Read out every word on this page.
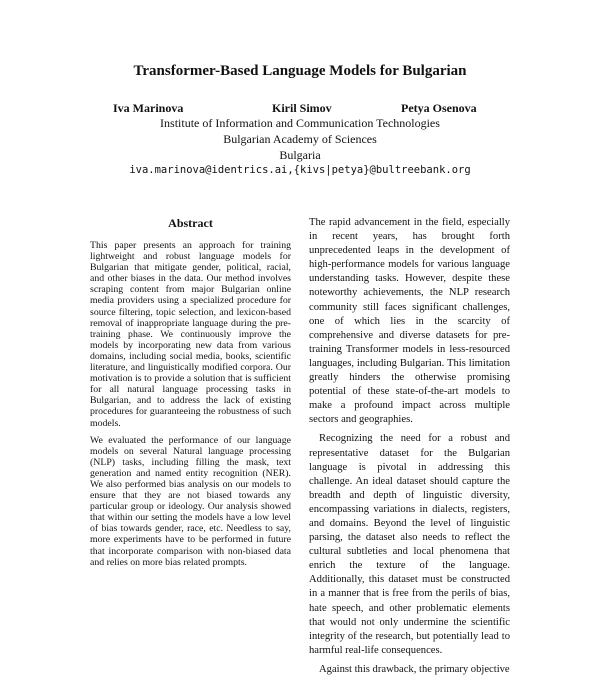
Transformer-Based Language Models for Bulgarian
Iva Marinova	Kiril Simov	Petya Osenova
Institute of Information and Communication Technologies
Bulgarian Academy of Sciences
Bulgaria
iva.marinova@identrics.ai,{kivs|petya}@bultreebank.org
Abstract

This paper presents an approach for training lightweight and robust language models for Bulgarian that mitigate gender, political, racial, and other biases in the data. Our method involves scraping content from major Bulgarian online media providers using a specialized procedure for source filtering, topic selection, and lexicon-based removal of inappropriate language during the pre-training phase. We continuously improve the models by incorporating new data from various domains, including social media, books, scientific literature, and linguistically modified corpora. Our motivation is to provide a solution that is sufficient for all natural language processing tasks in Bulgarian, and to address the lack of existing procedures for guaranteeing the robustness of such models.

We evaluated the performance of our language models on several Natural language processing (NLP) tasks, including filling the mask, text generation and named entity recognition (NER). We also performed bias analysis on our models to ensure that they are not biased towards any particular group or ideology. Our analysis showed that within our setting the models have a low level of bias towards gender, race, etc. Needless to say, more experiments have to be performed in future that incorporate comparison with non-biased data and relies on more bias related prompts.

The rapid advancement in the field, especially in recent years, has brought forth unprecedented leaps in the development of high-performance models for various language understanding tasks. However, despite these noteworthy achievements, the NLP research community still faces significant challenges, one of which lies in the scarcity of comprehensive and diverse datasets for pre-training Transformer models in less-resourced languages, including Bulgarian. This limitation greatly hinders the otherwise promising potential of these state-of-the-art models to make a profound impact across multiple sectors and geographies.

Recognizing the need for a robust and representative dataset for the Bulgarian language is pivotal in addressing this challenge. An ideal dataset should capture the breadth and depth of linguistic diversity, encompassing variations in dialects, registers, and domains. Beyond the level of linguistic parsing, the dataset also needs to reflect the cultural subtleties and local phenomena that enrich the texture of the language. Additionally, this dataset must be constructed in a manner that is free from the perils of bias, hate speech, and other problematic elements that would not only undermine the scientific integrity of the research, but potentially lead to harmful real-life consequences.

Against this drawback, the primary objective
